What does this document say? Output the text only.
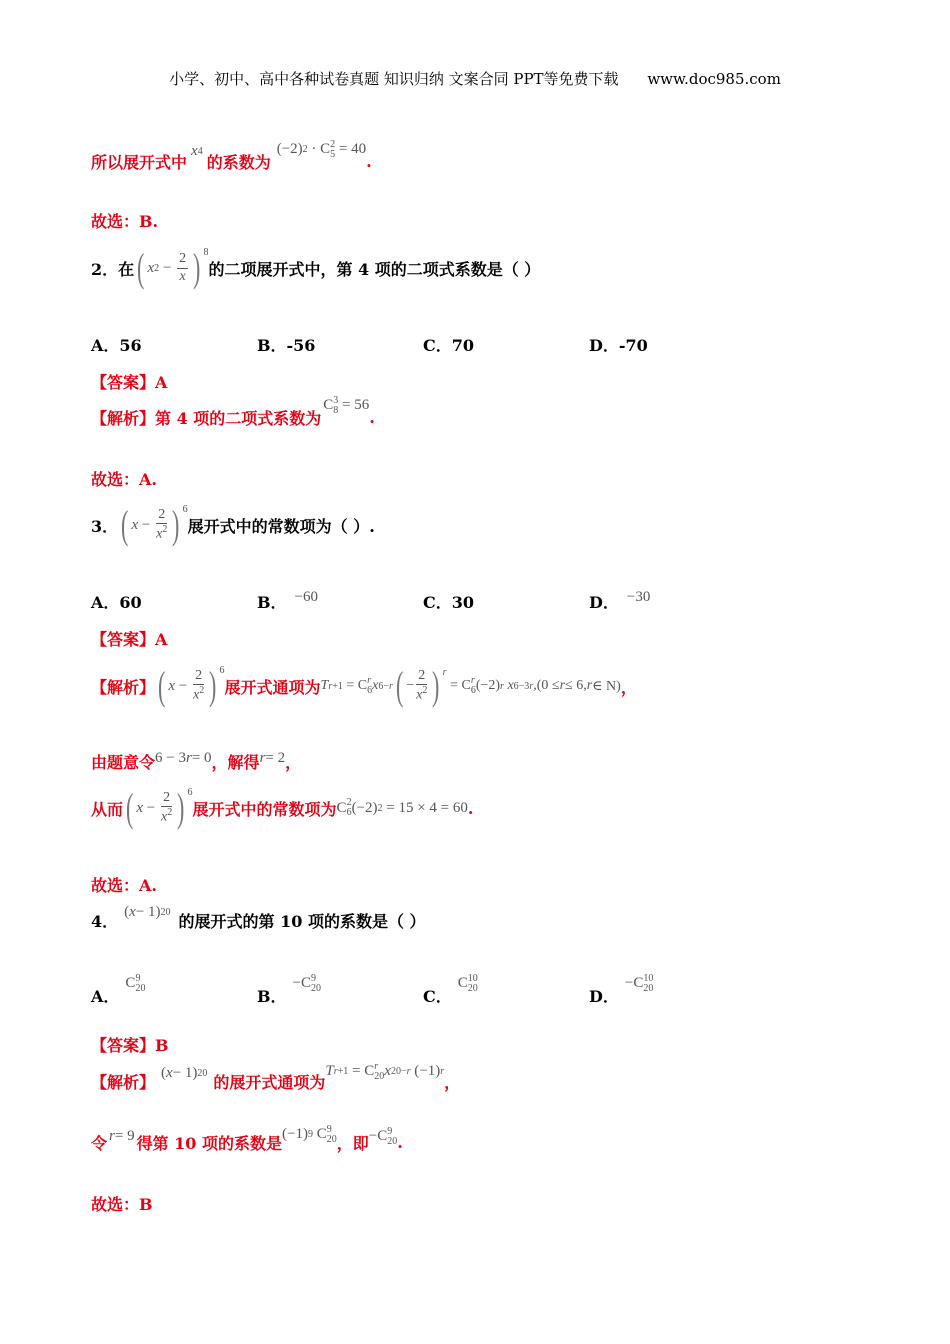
小学、初中、高中各种试卷真题 知识归纳 文案合同 PPT等免费下载 www.doc985.com
所以展开式中
x 4
的系数为
(−2) 2 · C 2
5 = 40
.
故选：B.
2．在 ( x $2 - \frac{2}{x}$ ) $^8$
的二项展开式中，第 4 项的二项式系数是（ ）
A．56	B．-56	C．70	D．-70
【答案】A
【解析】第 4 项的二项式系数为
C 3
8 = 56
.
故选：A.
3． ( $x - \frac{2}{x^2}$ ) $^6$
展开式中的常数项为（ ）.
A．60	B． −60	C．30	D． −30
【答案】A
【解析】 ( $x - \frac{2}{x^2}$ ) $^6$
展开式通项为 T r+1 = C r
6 x 6−r ( − $\frac{2}{x^2}$ ) $^r$
= C r
6 (−2) r
x 6−3r ,(0 ≤ r ≤ 6, r ∈ N) ，
由题意令 6 − 3 r = 0 ，解得 r = 2 ，
从而 ( $x - \frac{2}{x^2}$ ) $^6$
展开式中的常数项为 C 2
6 (−2) 2 = 15 × 4 = 60 .
故选：A.
4． ( x − 1) 20 的展开式的第 10 项的系数是（ ）
A．
C 9
20	B．
−C 9
20	C．
C 10
20	D．
−C 10
20
【答案】B
【解析】 ( x − 1) 20 的展开式通项为
T r+1 = C r
20 x 20−r (−1) r
，
令 r = 9 得第 10 项的系数是 (−1) 9 C 9
20 ，即 −C 9
20 .
故选：B
